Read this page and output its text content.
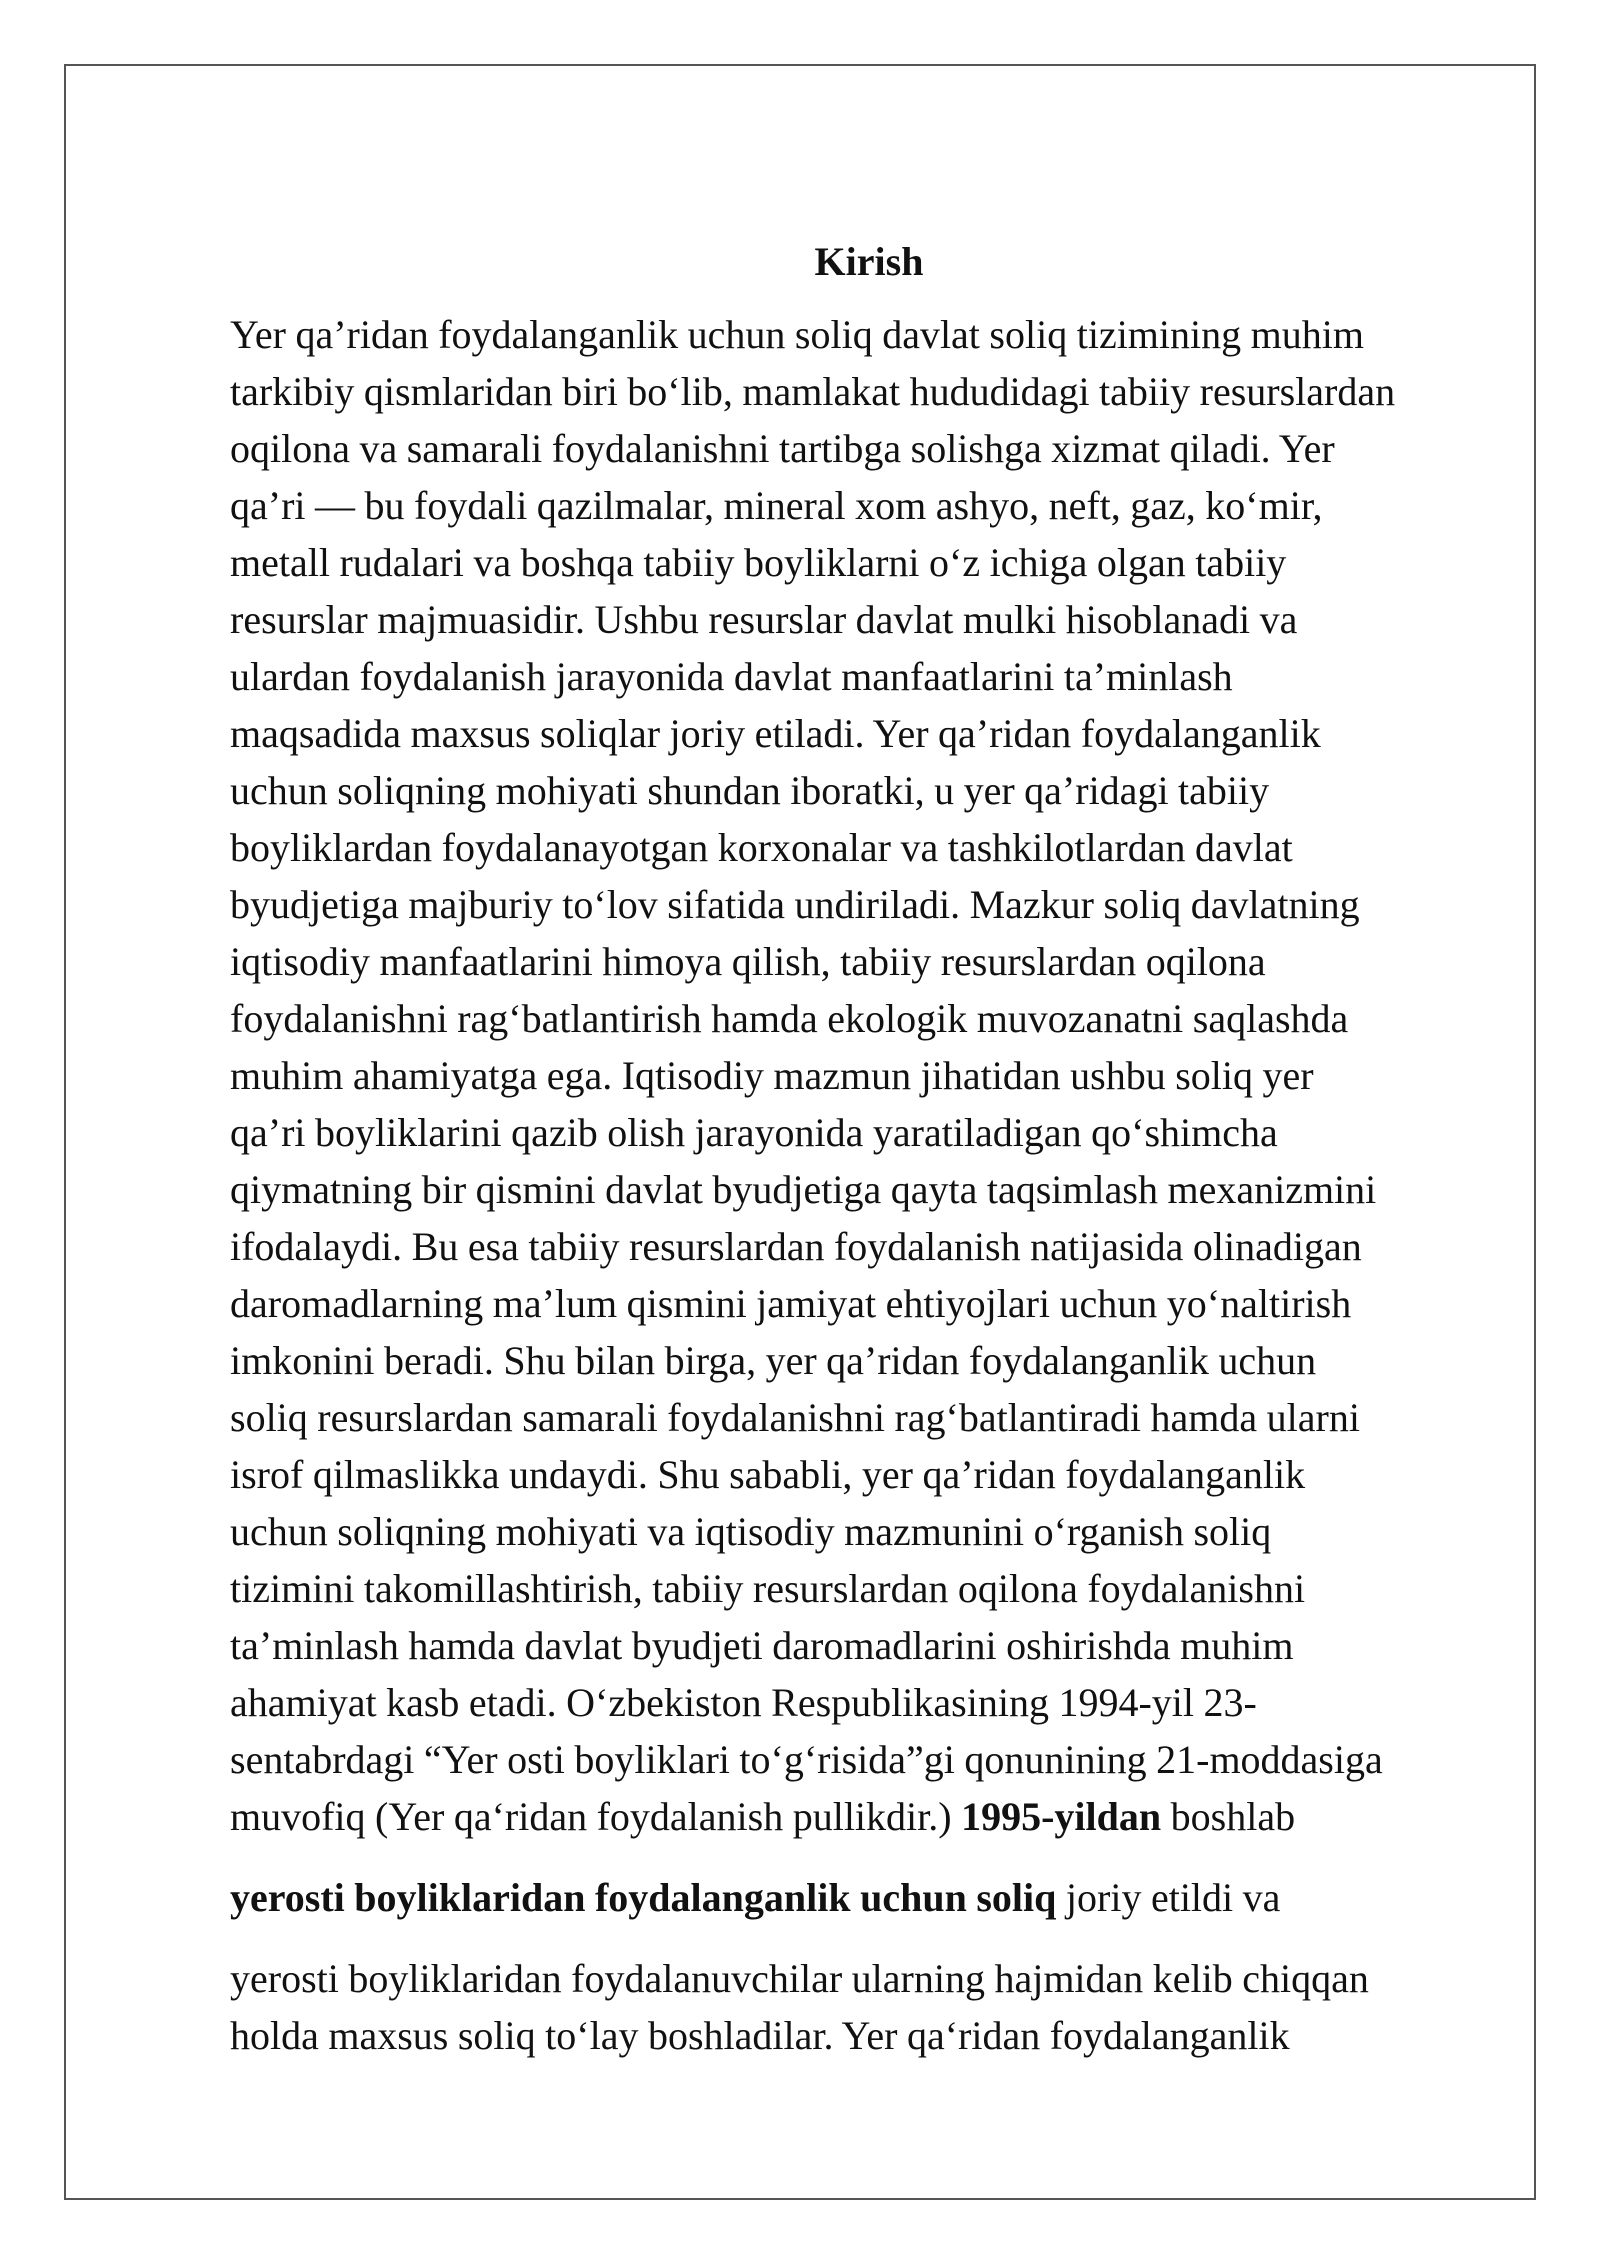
Kirish
Yer qa’ridan foydalanganlik uchun soliq davlat soliq tizimining muhim
tarkibiy qismlaridan biri bo‘lib, mamlakat hududidagi tabiiy resurslardan
oqilona va samarali foydalanishni tartibga solishga xizmat qiladi. Yer
qa’ri — bu foydali qazilmalar, mineral xom ashyo, neft, gaz, ko‘mir,
metall rudalari va boshqa tabiiy boyliklarni o‘z ichiga olgan tabiiy
resurslar majmuasidir. Ushbu resurslar davlat mulki hisoblanadi va
ulardan foydalanish jarayonida davlat manfaatlarini ta’minlash
maqsadida maxsus soliqlar joriy etiladi. Yer qa’ridan foydalanganlik
uchun soliqning mohiyati shundan iboratki, u yer qa’ridagi tabiiy
boyliklardan foydalanayotgan korxonalar va tashkilotlardan davlat
byudjetiga majburiy to‘lov sifatida undiriladi. Mazkur soliq davlatning
iqtisodiy manfaatlarini himoya qilish, tabiiy resurslardan oqilona
foydalanishni rag‘batlantirish hamda ekologik muvozanatni saqlashda
muhim ahamiyatga ega. Iqtisodiy mazmun jihatidan ushbu soliq yer
qa’ri boyliklarini qazib olish jarayonida yaratiladigan qo‘shimcha
qiymatning bir qismini davlat byudjetiga qayta taqsimlash mexanizmini
ifodalaydi. Bu esa tabiiy resurslardan foydalanish natijasida olinadigan
daromadlarning ma’lum qismini jamiyat ehtiyojlari uchun yo‘naltirish
imkonini beradi. Shu bilan birga, yer qa’ridan foydalanganlik uchun
soliq resurslardan samarali foydalanishni rag‘batlantiradi hamda ularni
isrof qilmaslikka undaydi. Shu sababli, yer qa’ridan foydalanganlik
uchun soliqning mohiyati va iqtisodiy mazmunini o‘rganish soliq
tizimini takomillashtirish, tabiiy resurslardan oqilona foydalanishni
ta’minlash hamda davlat byudjeti daromadlarini oshirishda muhim
ahamiyat kasb etadi. O‘zbekiston Respublikasining 1994-yil 23-
sentabrdagi “Yer osti boyliklari to‘g‘risida”gi qonunining 21-moddasiga
muvofiq (Yer qa‘ridan foydalanish pullikdir.) 1995-yildan boshlab
yerosti boyliklaridan foydalanganlik uchun soliq joriy etildi va
yerosti boyliklaridan foydalanuvchilar ularning hajmidan kelib chiqqan
holda maxsus soliq to‘lay boshladilar. Yer qa‘ridan foydalanganlik
